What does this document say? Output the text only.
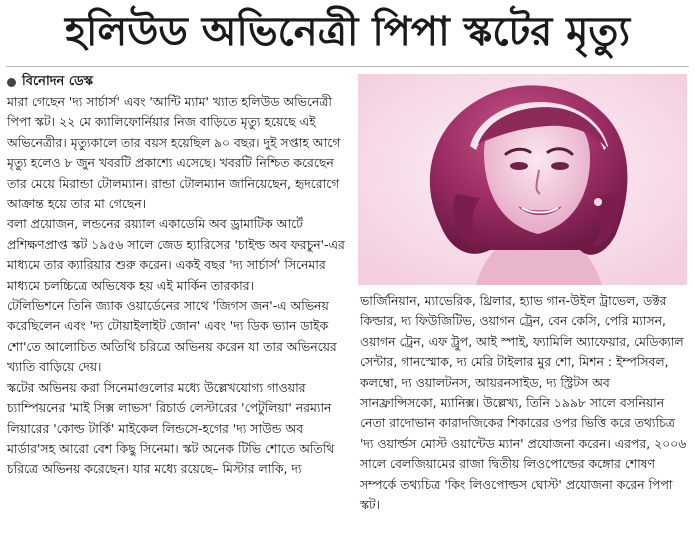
হলিউড অভিনেত্রী পিপা স্কটের মৃত্যু
বিনোদন ডেস্ক

মারা গেছেন 'দ্য সার্চার্স' এবং 'আন্টি ম্যাম' খ্যাত হলিউড অভিনেত্রী পিপা স্কট। ২২ মে ক্যালিফোর্নিয়ার নিজ বাড়িতে মৃত্যু হয়েছে এই অভিনেত্রীর। মৃত্যুকালে তার বয়স হয়েছিল ৯০ বছর। দুই সপ্তাহ আগে মৃত্যু হলেও ৮ জুন খবরটি প্রকাশ্যে এসেছে। খবরটি নিশ্চিত করেছেন তার মেয়ে মিরান্ডা টোলম্যান। রান্ডা টোলম্যান জানিয়েছেন, হৃদরোগে আক্রান্ত হয়ে তার মা গেছেন।

বলা প্রয়োজন, লন্ডনের রয়্যাল একাডেমি অব ড্রামাটিক আর্টে প্রশিক্ষণপ্রাপ্ত স্কট ১৯৫৬ সালে জেড হ্যারিসের 'চাইল্ড অব ফরচুন'-এর মাধ্যমে তার ক্যারিয়ার শুরু করেন। একই বছর 'দ্য সার্চার্স' সিনেমার মাধ্যমে চলচ্চিত্রে অভিষেক হয় এই মার্কিন তারকার।

টেলিভিশনে তিনি জ্যাক ওয়ার্ডেনের সাথে 'জিগস জন'-এ অভিনয় করেছিলেন এবং 'দ্য টোয়াইলাইট জোন' এবং 'দ্য ডিক ভ্যান ডাইক শো'তে আলোচিত অতিথি চরিত্রে অভিনয় করেন যা তার অভিনয়ের খ্যাতি বাড়িয়ে দেয়।

স্কটের অভিনয় করা সিনেমাগুলোর মধ্যে উল্লেখযোগ্য গাওয়ার চ্যাম্পিয়নের 'মাই সিক্স লাভস' রিচার্ড লেস্টারের 'পেটুলিয়া' নরম্যান লিয়ারের 'কোল্ড টার্কি' মাইকেল লিন্ডসে-হগের 'দ্য সাউন্ড অব মার্ডার'সহ আরো বেশ কিছু সিনেমা। স্কট অনেক টিভি শোতে অতিথি চরিত্রে অভিনয় করেছেন। যার মধ্যে রয়েছে– মিস্টার লাকি, দ্য

ভার্জিনিয়ান, ম্যাভেরিক, থ্রিলার, হ্যাভ গান-উইল ট্রাভেল, ডক্টর কিল্ডার, দ্য ফিউজিটিভ, ওয়াগন ট্রেন, বেন কেসি, পেরি ম্যাসন, ওয়াগন ট্রেন, এফ ট্রুপ, আই স্পাই, ফ্যামিলি অ্যাফেয়ার, মেডিক্যাল সেন্টার, গানস্মোক, দ্য মেরি টাইলার মুর শো, মিশন : ইম্পসিবল, কলম্বো, দ্য ওয়ালটনস, আয়রনসাইড, দ্য স্ট্রিটস অব সানফ্রান্সিসকো, ম্যানিক্স। উল্লেখ্য, তিনি ১৯৯৮ সালে বসনিয়ান নেতা রাদোভান কারাদজিকের শিকারের ওপর ভিত্তি করে তথ্যচিত্র 'দ্য ওয়ার্ল্ডস মোস্ট ওয়ান্টেড ম্যান' প্রযোজনা করেন। এরপর, ২০০৬ সালে বেলজিয়ামের রাজা দ্বিতীয় লিওপোল্ডের কঙ্গোর শোষণ সম্পর্কে তথ্যচিত্র 'কিং লিওপোল্ডস ঘোস্ট' প্রযোজনা করেন পিপা স্কট।
